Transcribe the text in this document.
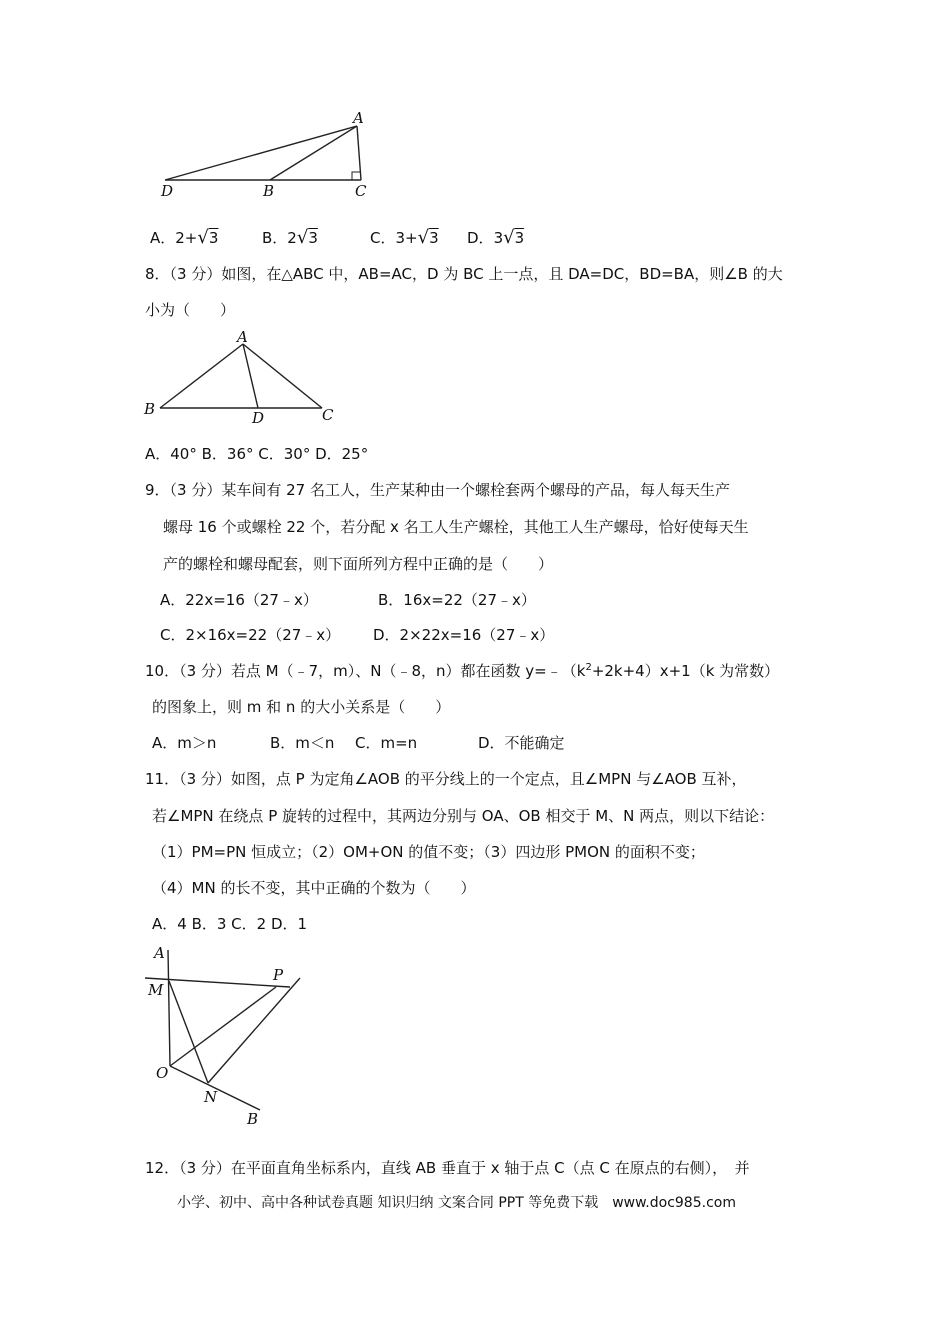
A
D	B	C
A．2+√3	B．2√3	C．3+√3 D．3√3
8．（3 分）如图，在△ABC 中，AB=AC，D 为 BC 上一点，且 DA=DC，BD=BA，则∠B 的大
小为（　　）
A
B	D	C
A．40° B．36° C．30° D．25°
9．（3 分）某车间有 27 名工人，生产某种由一个螺栓套两个螺母的产品，每人每天生产
螺母 16 个或螺栓 22 个，若分配 x 名工人生产螺栓，其他工人生产螺母，恰好使每天生
产的螺栓和螺母配套，则下面所列方程中正确的是（　　）
A．22x=16（27﹣x）	B．16x=22（27﹣x）
C．2×16x=22（27﹣x） D．2×22x=16（27﹣x）
10．（3 分）若点 M（﹣7，m）、N（﹣8，n）都在函数 $y=﹣(k^2+2k+4)x+1(k$ 为常数）
的图象上，则 m 和 n 的大小关系是（　　）
A．m＞n	B．m＜n C．m=n	D．不能确定
11．（3 分）如图，点 P 为定角∠AOB 的平分线上的一个定点，且∠MPN 与∠AOB 互补，
若∠MPN 在绕点 P 旋转的过程中，其两边分别与 OA、OB 相交于 M、N 两点，则以下结论：
（1）PM=PN 恒成立；（2）OM+ON 的值不变；（3）四边形 PMON 的面积不变；
（4）MN 的长不变，其中正确的个数为（　　）
A．4 B．3 C．2 D．1
A
M
P
O
N
B
12．（3 分）在平面直角坐标系内，直线 AB 垂直于 x 轴于点 C（点 C 在原点的右侧），　并
小学、初中、高中各种试卷真题 知识归纳 文案合同 PPT 等免费下载　www.doc985.com
